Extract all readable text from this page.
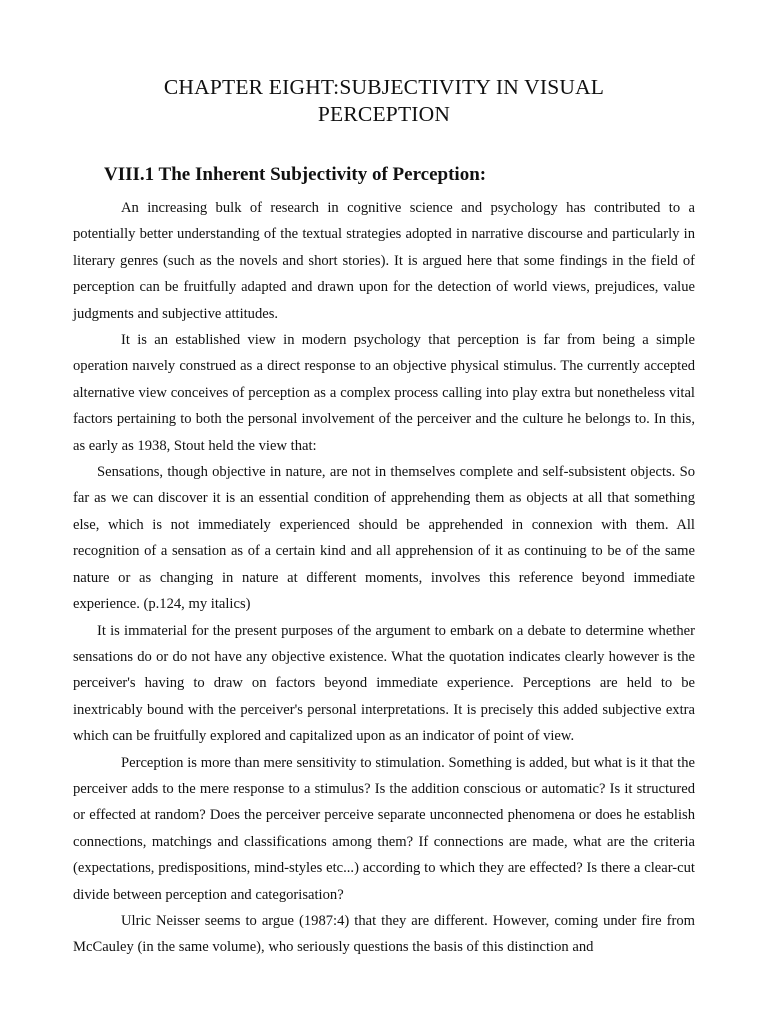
CHAPTER EIGHT:SUBJECTIVITY IN VISUAL PERCEPTION
VIII.1 The Inherent Subjectivity of Perception:

An increasing bulk of research in cognitive science and psychology has contributed to a potentially better understanding of the textual strategies adopted in narrative discourse and particularly in literary genres (such as the novels and short stories). It is argued here that some findings in the field of perception can be fruitfully adapted and drawn upon for the detection of world views, prejudices, value judgments and subjective attitudes.

It is an established view in modern psychology that perception is far from being a simple operation naıvely construed as a direct response to an objective physical stimulus. The currently accepted alternative view conceives of perception as a complex process calling into play extra but nonetheless vital factors pertaining to both the personal involvement of the perceiver and the culture he belongs to. In this, as early as 1938, Stout held the view that:

Sensations, though objective in nature, are not in themselves complete and self-subsistent objects. So far as we can discover it is an essential condition of apprehending them as objects at all that something else, which is not immediately experienced should be apprehended in connexion with them. All recognition of a sensation as of a certain kind and all apprehension of it as continuing to be of the same nature or as changing in nature at different moments, involves this reference beyond immediate experience. (p.124, my italics)

It is immaterial for the present purposes of the argument to embark on a debate to determine whether sensations do or do not have any objective existence. What the quotation indicates clearly however is the perceiver's having to draw on factors beyond immediate experience. Perceptions are held to be inextricably bound with the perceiver's personal interpretations. It is precisely this added subjective extra which can be fruitfully explored and capitalized upon as an indicator of point of view.

Perception is more than mere sensitivity to stimulation. Something is added, but what is it that the perceiver adds to the mere response to a stimulus? Is the addition conscious or automatic? Is it structured or effected at random? Does the perceiver perceive separate unconnected phenomena or does he establish connections, matchings and classifications among them? If connections are made, what are the criteria (expectations, predispositions, mind-styles etc...) according to which they are effected? Is there a clear-cut divide between perception and categorisation?

Ulric Neisser seems to argue (1987:4) that they are different. However, coming under fire from McCauley (in the same volume), who seriously questions the basis of this distinction and
